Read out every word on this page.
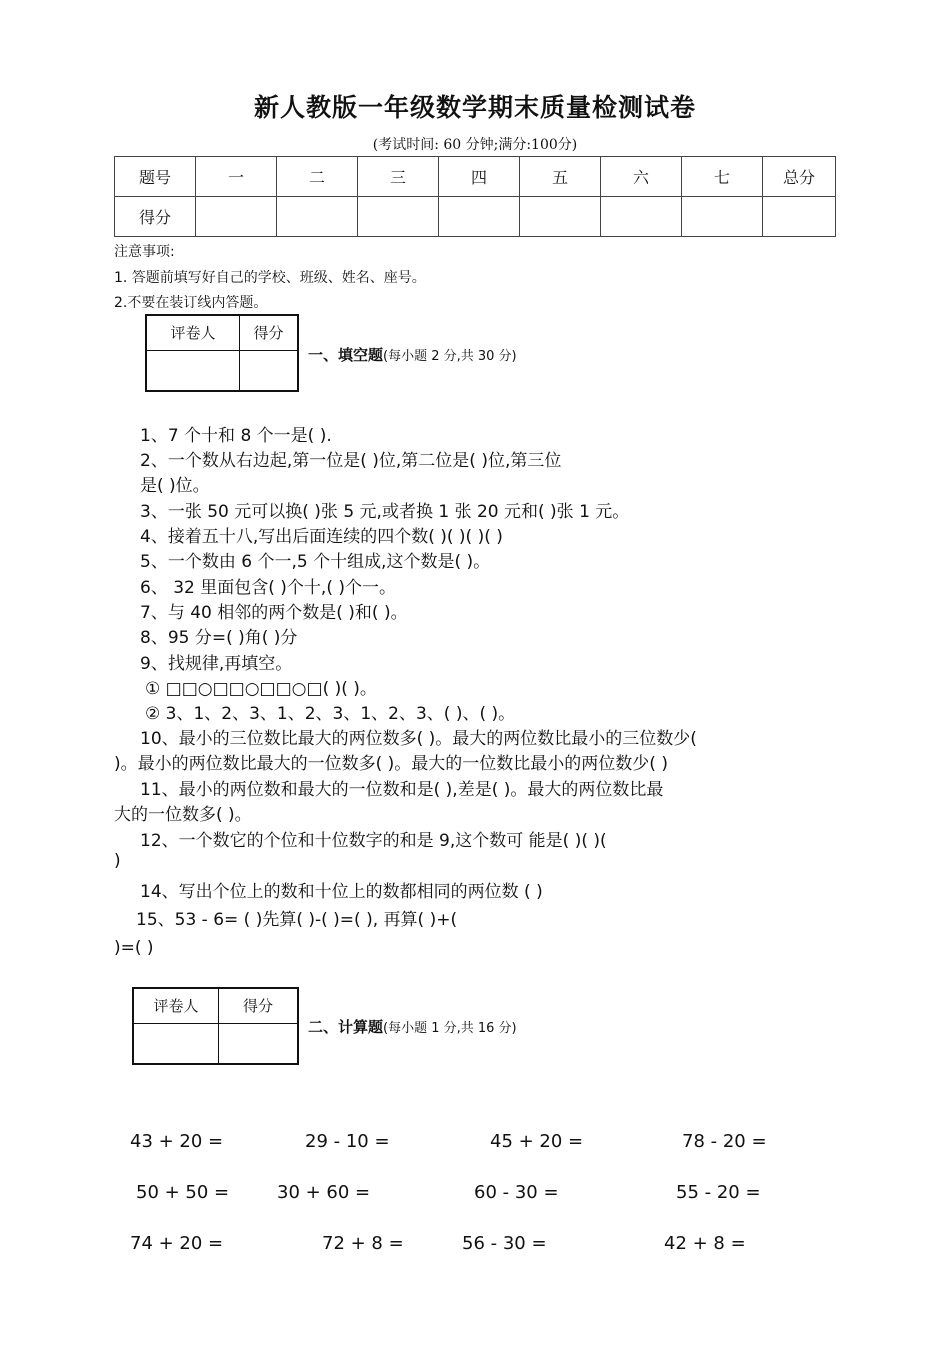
新人教版一年级数学期末质量检测试卷
(考试时间: 60 分钟;满分:100分)
题号	一	二	三	四	五	六	七	总分
得分								
注意事项:
1. 答题前填写好自己的学校、班级、姓名、座号。
2.不要在装订线内答题。
评卷人	得分

一、填空题(每小题 2 分,共 30 分)
1、7 个十和 8 个一是( ).
2、一个数从右边起,第一位是( )位,第二位是( )位,第三位
是( )位。
3、一张 50 元可以换( )张 5 元,或者换 1 张 20 元和( )张 1 元。
4、接着五十八,写出后面连续的四个数( )( )( )( )
5、一个数由 6 个一,5 个十组成,这个数是( )。
6、 32 里面包含( )个十,( )个一。
7、与 40 相邻的两个数是( )和( )。
8、95 分=( )角( )分
9、找规律,再填空。
① □□○□□○□□○□( )( )。
② 3、1、2、3、1、2、3、1、2、3、( )、( )。
10、最小的三位数比最大的两位数多( )。最大的两位数比最小的三位数少(
)。最小的两位数比最大的一位数多( )。最大的一位数比最小的两位数少( )
11、最小的两位数和最大的一位数和是( ),差是( )。最大的两位数比最
大的一位数多( )。
12、一个数它的个位和十位数字的和是 9,这个数可 能是( )( )(
)
14、写出个位上的数和十位上的数都相同的两位数 ( )
15、53 - 6= ( )先算( )-( )=( ), 再算( )+(
)=( )
评卷人	得分

二、计算题(每小题 1 分,共 16 分)
43 + 20 =	29 - 10 =	45 + 20 =	78 - 20 =
50 + 50 =	30 + 60 =	60 - 30 =	55 - 20 =
74 + 20 =	72 + 8 =	56 - 30 =	42 + 8 =
